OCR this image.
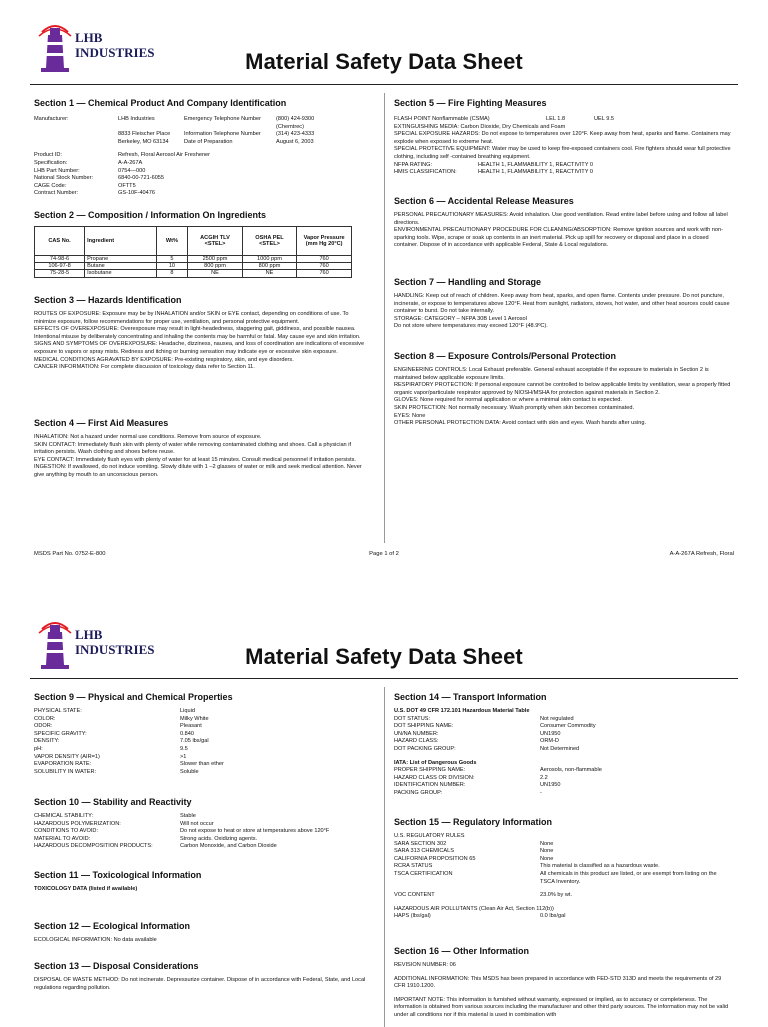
LHB
INDUSTRIES	Material Safety Data Sheet
Section 1 — Chemical Product And Company Identification
Manufacturer:	LHB Industries	Emergency Telephone Number	(800) 424-9300 (Chemtrec)
8833 Fleischer Place	Information Telephone Number	(314) 423-4333
Berkeley, MO 63134	Date of Preparation	August 6, 2003
Product ID:	Refresh, Floral Aerosol Air Freshener
Specification:	A-A-267A
LHB Part Number:	0754—000
National Stock Number:	6840-00-721-6055
CAGE Code:	OFTT5
Contract Number:	GS-10F-40476
Section 2 — Composition / Information On Ingredients
CAS No.	Ingredient	Wt%	ACGIH TLV <STEL>	OSHA PEL <STEL>	Vapor Pressure (mm Hg 20°C)
74-98-6	Propane	5	2500 ppm	1000 ppm	760
106-97-8	Butane	10	800 ppm	800 ppm	760
75-28-5	Isobutane	8	NE	NE	760
Section 3 — Hazards Identification

ROUTES OF EXPOSURE: Exposure may be by INHALATION and/or SKIN or EYE contact, depending on conditions of use. To minimize exposure, follow recommendations for proper use, ventilation, and personal protective equipment.

EFFECTS OF OVEREXPOSURE: Overexposure may result in light-headedness, staggering gait, giddiness, and possible nausea. Intentional misuse by deliberately concentrating and inhaling the contents may be harmful or fatal. May cause eye and skin irritation.

SIGNS AND SYMPTOMS OF OVEREXPOSURE: Headache, dizziness, nausea, and loss of coordination are indications of excessive exposure to vapors or spray mists. Redness and itching or burning sensation may indicate eye or excessive skin exposure.

MEDICAL CONDITIONS AGRAVATED BY EXPOSURE: Pre-existing respiratory, skin, and eye disorders.

CANCER INFORMATION: For complete discussion of toxicology data refer to Section 11.

Section 4 — First Aid Measures

INHALATION: Not a hazard under normal use conditions. Remove from source of exposure.

SKIN CONTACT: Immediately flush skin with plenty of water while removing contaminated clothing and shoes. Call a physician if irritation persists. Wash clothing and shoes before reuse.

EYE CONTACT: Immediately flush eyes with plenty of water for at least 15 minutes. Consult medical personnel if irritation persists.

INGESTION: If swallowed, do not induce vomiting. Slowly dilute with 1 –2 glasses of water or milk and seek medical attention. Never give anything by mouth to an unconscious person.

Section 5 — Fire Fighting Measures
FLASH POINT Nonflammable (CSMA)	LEL 1.8	UEL 9.5

EXTINGUISHING MEDIA: Carbon Dioxide, Dry Chemicals and Foam

SPECIAL EXPOSURE HAZARDS: Do not expose to temperatures over 120°F. Keep away from heat, sparks and flame. Containers may explode when exposed to extreme heat.

SPECIAL PROTECTIVE EQUIPMENT: Water may be used to keep fire-exposed containers cool. Fire fighters should wear full protective clothing, including self -contained breathing equipment.

NFPA RATING:	HEALTH 1, FLAMMABILITY 1, REACTIVITY 0
HMIS CLASSIFICATION:	HEALTH 1, FLAMMABILITY 1, REACTIVITY 0
Section 6 — Accidental Release Measures

PERSONAL PRECAUTIONARY MEASURES: Avoid inhalation. Use good ventilation. Read entire label before using and follow all label directions.

ENVIRONMENTAL PRECAUTIONARY PROCEDURE FOR CLEANING/ABSORPTION: Remove ignition sources and work with non-sparking tools. Wipe, scrape or soak up contents in an inert material. Pick up spill for recovery or disposal and place in a closed container. Dispose of in accordance with applicable Federal, State & Local regulations.

Section 7 — Handling and Storage

HANDLING: Keep out of reach of children. Keep away from heat, sparks, and open flame. Contents under pressure. Do not puncture, incinerate, or expose to temperatures above 120°F. Heat from sunlight, radiators, stoves, hot water, and other heat sources could cause container to burst. Do not take internally.

STORAGE: CATEGORY – NFPA 30B Level 1 Aerosol

Do not store where temperatures may exceed 120°F (48.9ºC).

Section 8 — Exposure Controls/Personal Protection

ENGINEERING CONTROLS: Local Exhaust preferable. General exhaust acceptable if the exposure to materials in Section 2 is maintained below applicable exposure limits.

RESPIRATORY PROTECTION: If personal exposure cannot be controlled to below applicable limits by ventilation, wear a properly fitted organic vapor/particulate respirator approved by NIOSH/MSHA for protection against materials in Section 2.

GLOVES: None required for normal application or where a minimal skin contact is expected.

SKIN PROTECTION: Not normally necessary. Wash promptly when skin becomes contaminated.

EYES: None

OTHER PERSONAL PROTECTION DATA: Avoid contact with skin and eyes. Wash hands after using.

MSDS Part No. 0752-E-800	Page 1 of 2	A-A-267A Refresh, Floral
LHB
INDUSTRIES	Material Safety Data Sheet
Section 9 — Physical and Chemical Properties
PHYSICAL STATE:	Liquid
COLOR:	Milky White
ODOR:	Pleasant
SPECIFIC GRAVITY:	0.840
DENSITY:	7.05 lbs/gal
pH:	9.5
VAPOR DENSITY (AIR=1)	>1
EVAPORATION RATE:	Slower than ether
SOLUBILITY IN WATER:	Soluble
Section 10 — Stability and Reactivity
CHEMICAL STABILITY:	Stable
HAZARDOUS POLYMERIZATION:	Will not occur
CONDITIONS TO AVOID:	Do not expose to heat or store at temperatures above 120°F
MATERIAL TO AVOID:	Strong acids. Oxidizing agents.
HAZARDOUS DECOMPOSITION PRODUCTS:	Carbon Monoxide, and Carbon Dioxide
Section 11 — Toxicological Information

TOXICOLOGY DATA (listed if available)

Section 12 — Ecological Information

ECOLOGICAL INFORMATION: No data available

Section 13 — Disposal Considerations

DISPOSAL OF WASTE METHOD: Do not incinerate. Depressurize container. Dispose of in accordance with Federal, State, and Local regulations regarding pollution.

Section 14 — Transport Information

U.S. DOT 49 CFR 172.101 Hazardous Material Table

DOT STATUS:	Not regulated
DOT SHIPPING NAME:	Consumer Commodity
UN/NA NUMBER:	UN1950
HAZARD CLASS:	ORM-D
DOT PACKING GROUP:	Not Determined

IATA: List of Dangerous Goods

PROPER SHIPPING NAME:	Aerosols, non-flammable
HAZARD CLASS OR DIVISION:	2.2
IDENTIFICATION NUMBER:	UN1950
PACKING GROUP:	-
Section 15 — Regulatory Information

U.S. REGULATORY RULES

SARA SECTION 302	None
SARA 313 CHEMICALS	None
CALIFORNIA PROPOSITION 65	None
RCRA STATUS	This material is classified as a hazardous waste.
TSCA CERTIFICATION	All chemicals in this product are listed, or are exempt from listing on the TSCA Inventory.
VOC CONTENT	23.0% by wt.

HAZARDOUS AIR POLLUTANTS (Clean Air Act, Section 112(b))

HAPS (lbs/gal)	0.0 lbs/gal
Section 16 — Other Information

REVISION NUMBER: 06

ADDITIONAL INFORMATION: This MSDS has been prepared in accordance with FED-STD 313D and meets the requirements of 29 CFR 1910.1200.

IMPORTANT NOTE: This information is furnished without warranty, expressed or implied, as to accuracy or completeness. The information is obtained from various sources including the manufacturer and other third party sources. The information may not be valid under all conditions nor if this material is used in combination with
